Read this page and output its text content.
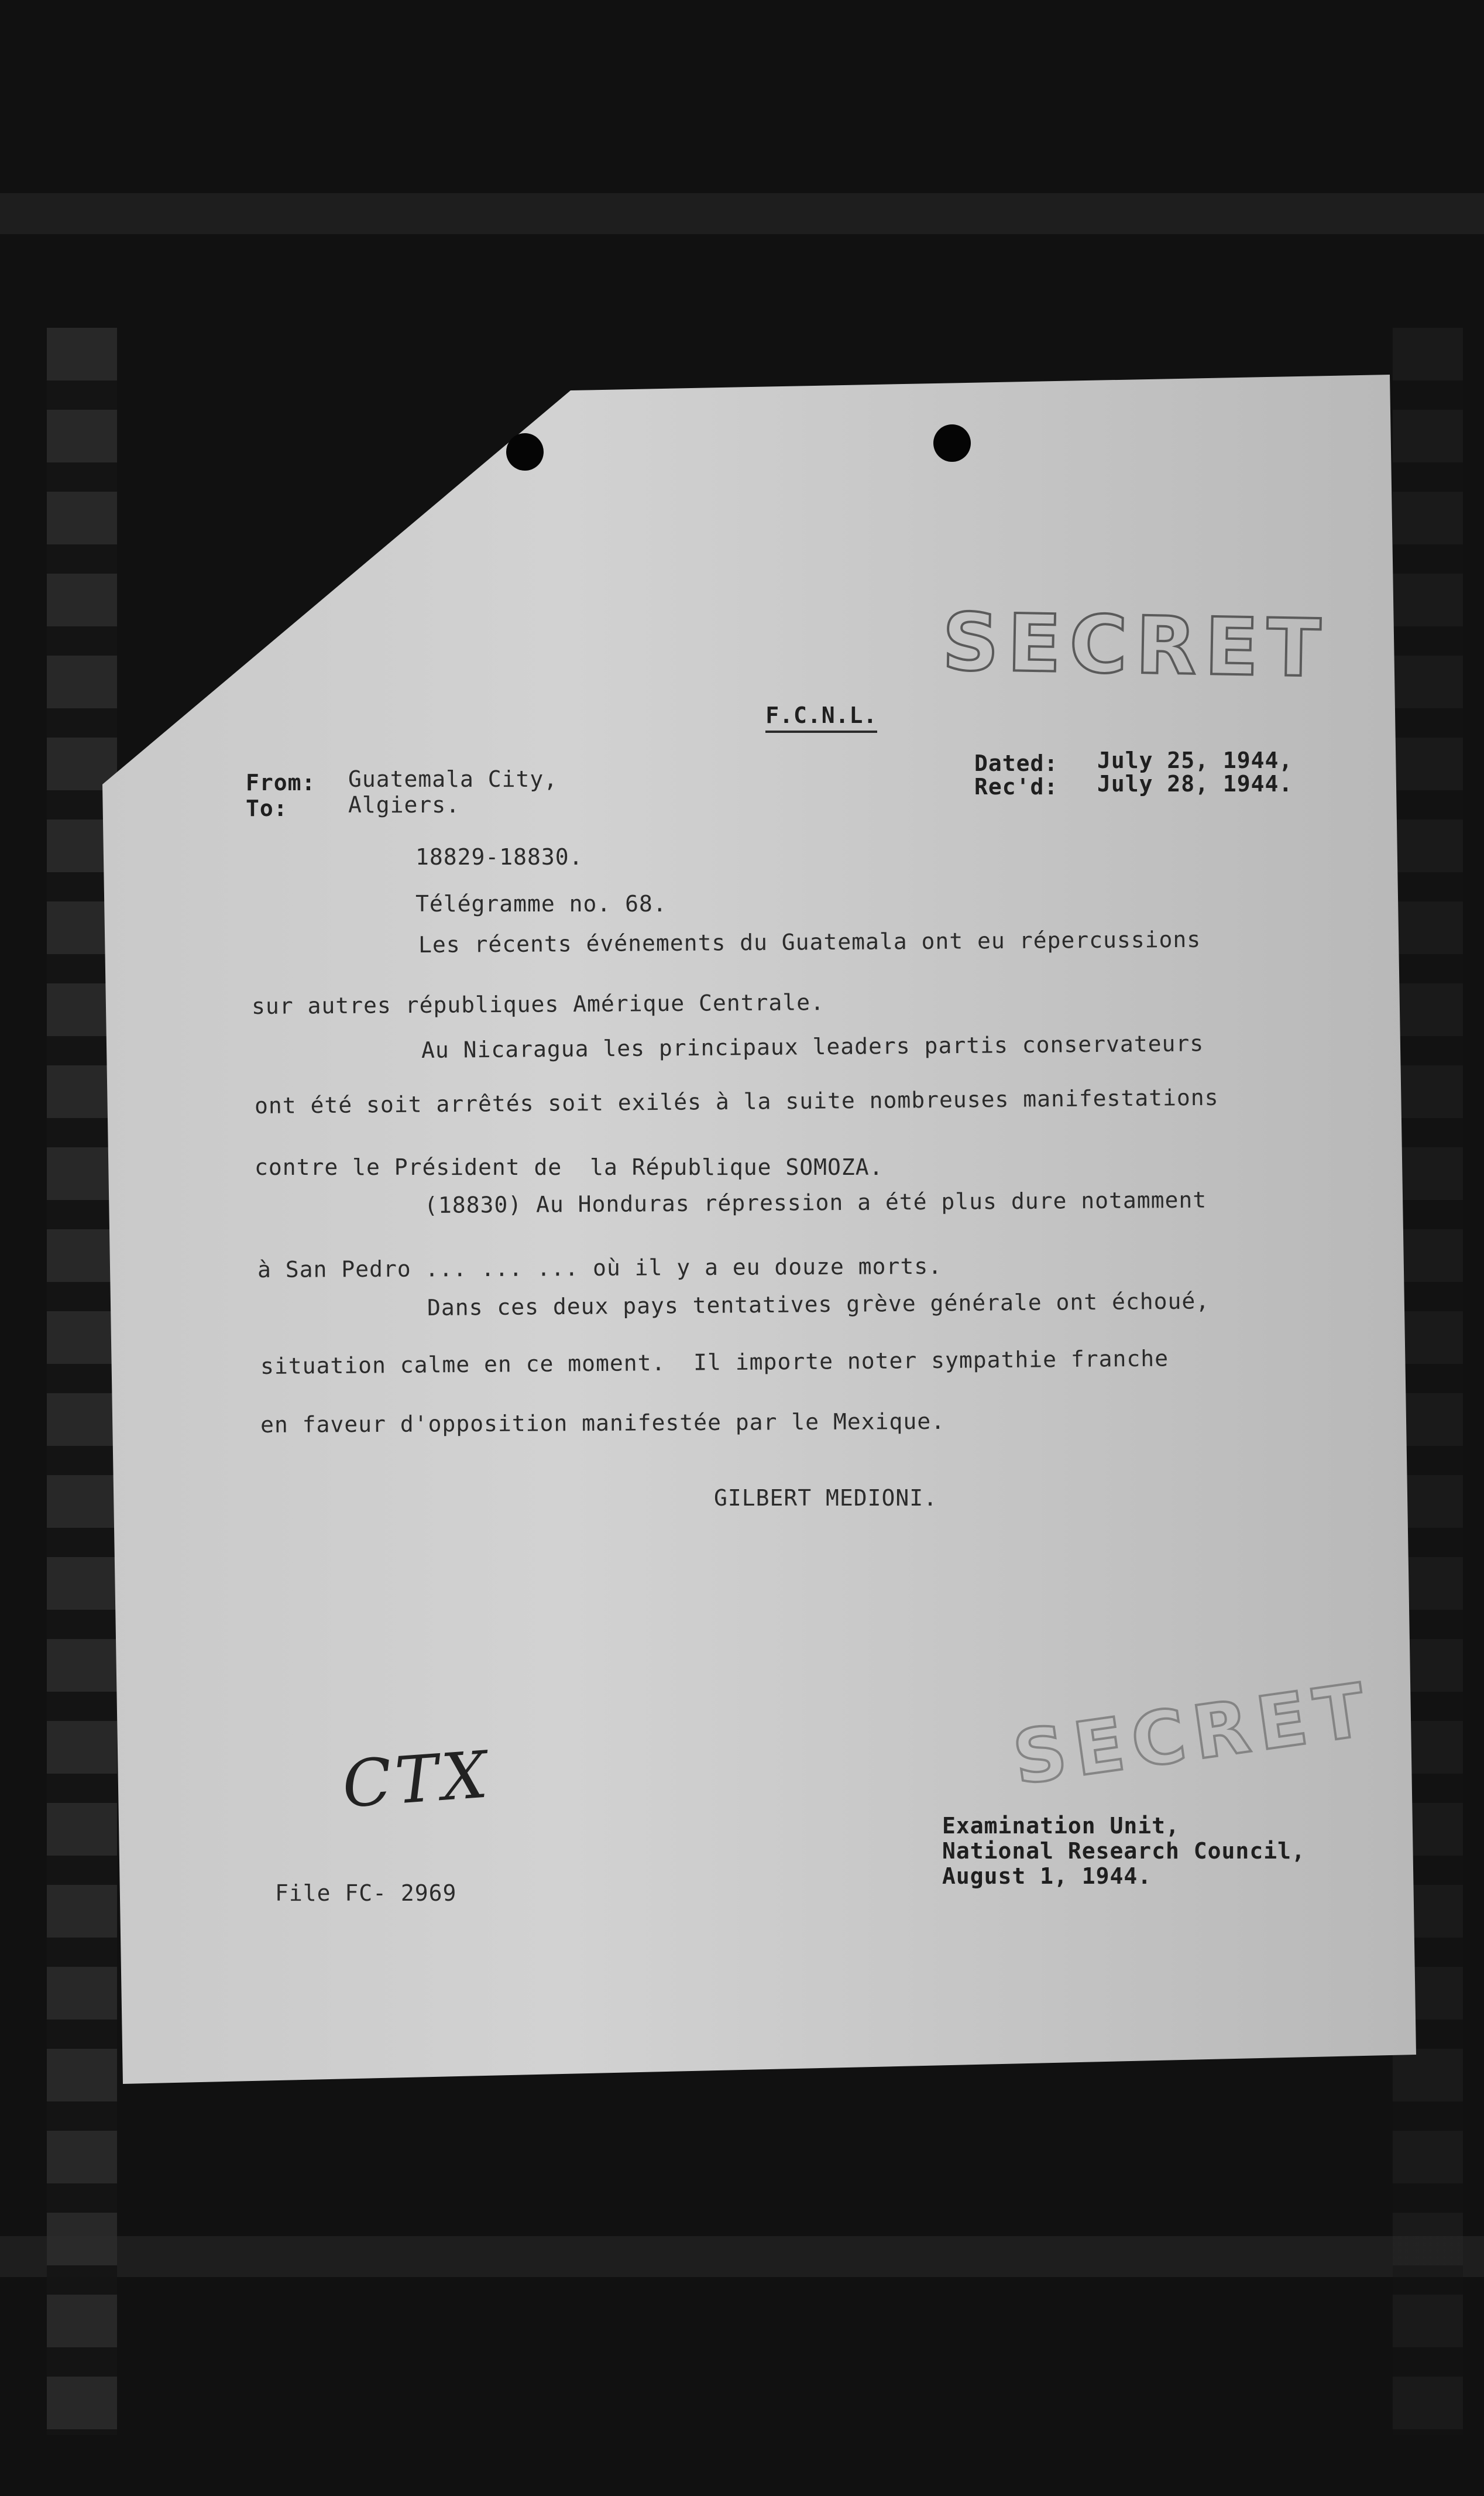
SECRET

F.C.N.L.

From: Guatemala City,
To:	Algiers.
Dated: July 25, 1944,
Rec'd: July 28, 1944.
18829-18830.
Télégramme no. 68.
Les récents événements du Guatemala ont eu répercussions
sur autres républiques Amérique Centrale.
Au Nicaragua les principaux leaders partis conservateurs
ont été soit arrêtés soit exilés à la suite nombreuses manifestations
contre le Président de  la République SOMOZA.
(18830) Au Honduras répression a été plus dure notamment
à San Pedro ... ... ... où il y a eu douze morts.
Dans ces deux pays tentatives grève générale ont échoué,
situation calme en ce moment.  Il importe noter sympathie franche
en faveur d'opposition manifestée par le Mexique.
GILBERT MEDIONI.
SECRET
CTX
Examination Unit,
National Research Council,
August 1, 1944.
File FC- 2969
